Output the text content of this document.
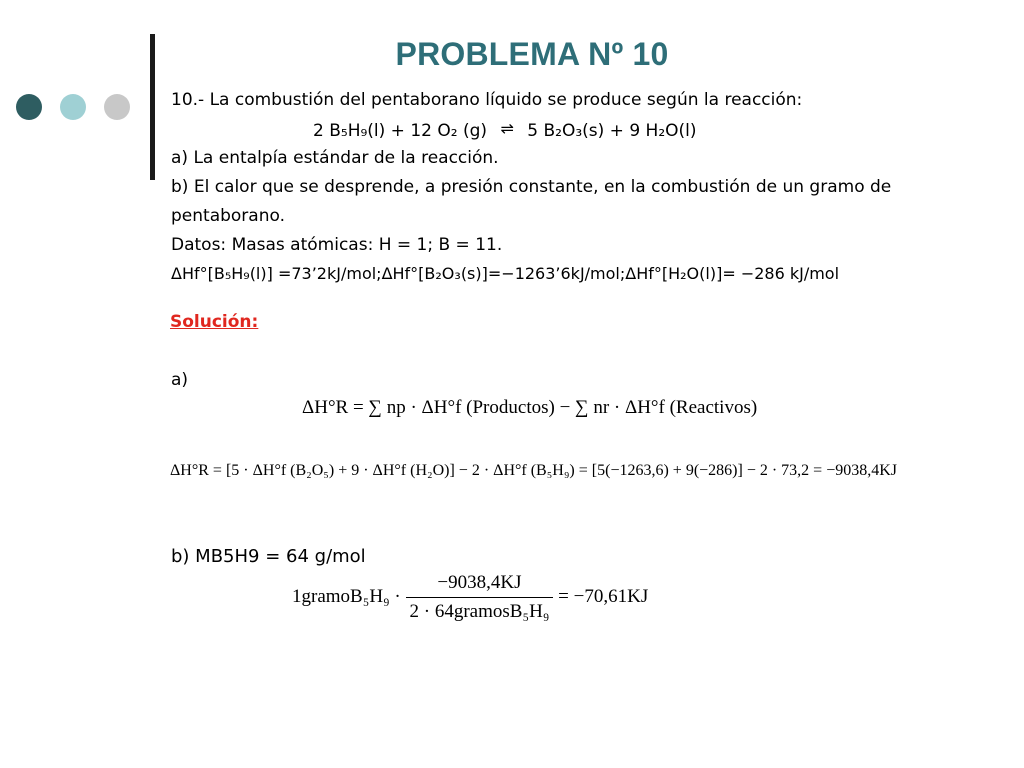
PROBLEMA Nº 10
10.- La combustión del pentaborano líquido se produce según la reacción:
2 B₅H₉(l) + 12 O₂ (g) ⇌ 5 B₂O₃(s) + 9 H₂O(l)
a) La entalpía estándar de la reacción.
b) El calor que se desprende, a presión constante, en la combustión de un gramo de
pentaborano.
Datos: Masas atómicas: H = 1; B = 11.
ΔHf°[B₅H₉(l)] =73’2kJ/mol;ΔHf°[B₂O₃(s)]=−1263’6kJ/mol;ΔHf°[H₂O(l)]= −286 kJ/mol
Solución:
a)
ΔH°R = ∑ np · ΔH°f (Productos) − ∑ nr · ΔH°f (Reactivos)
ΔH°R = [5 · ΔH°f (B₂O₅) + 9 · ΔH°f (H₂O)] − 2 · ΔH°f (B₅H₉) = [5(−1263,6) + 9(−286)] − 2 · 73,2 = −9038,4KJ
b) MB5H9 = 64 g/mol
1gramoB₅H₉ · $\frac{-9038,4KJ}{\text{2 · 64gramosB₅H₉}} = -70,61KJ$
